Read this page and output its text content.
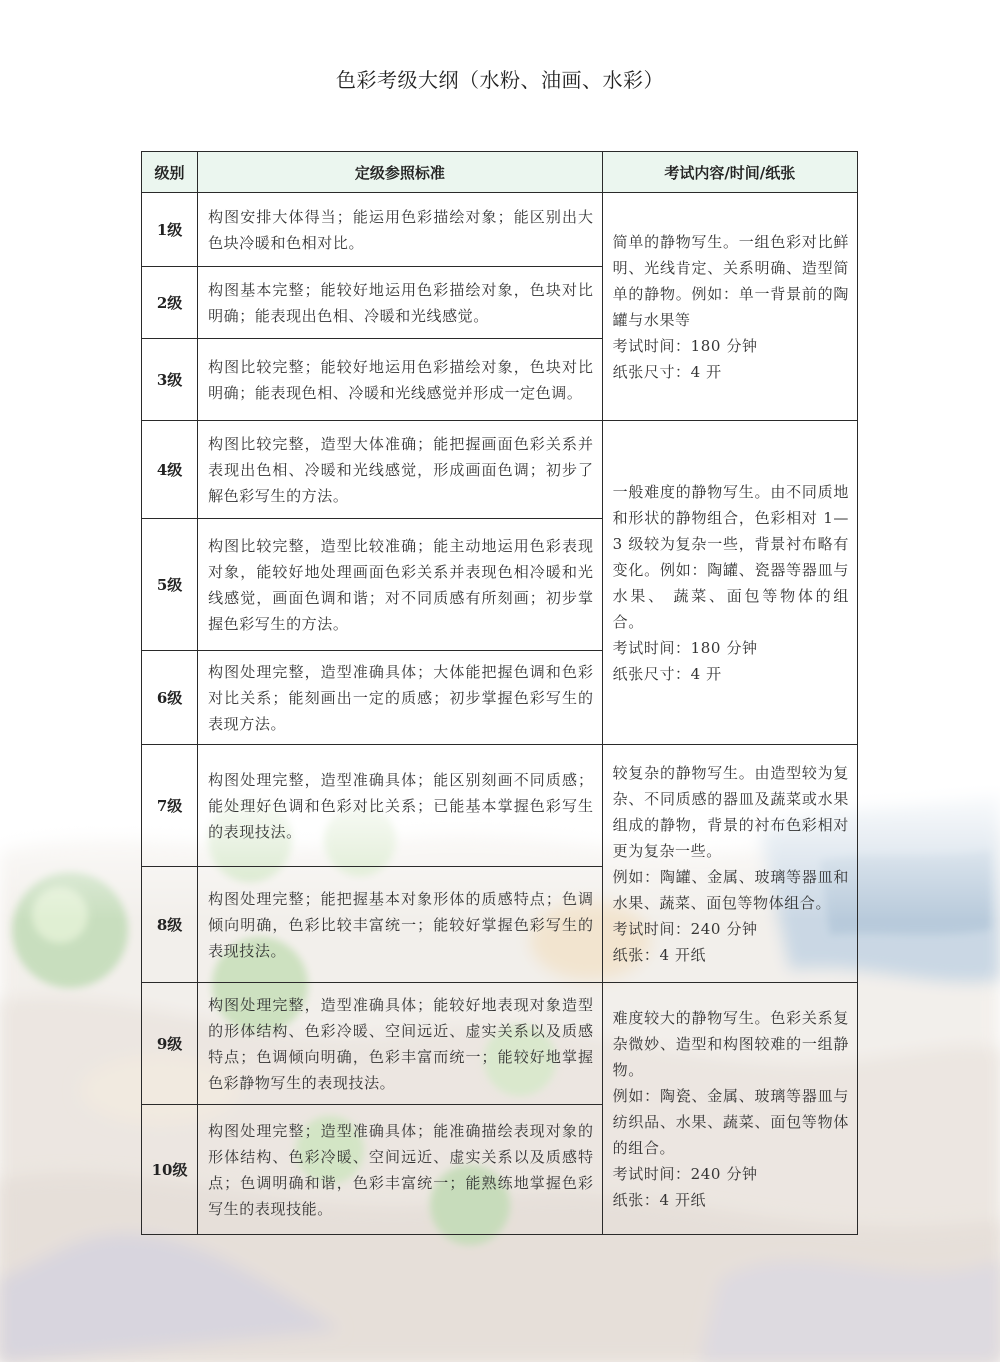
色彩考级大纲（水粉、油画、水彩）
级别	定级参照标准	考试内容/时间/纸张
1级	构图安排大体得当；能运用色彩描绘对象；能区别出大色块冷暖和色相对比。	简单的静物写生。一组色彩对比鲜明、光线肯定、关系明确、造型简单的静物。例如：单一背景前的陶罐与水果等

考试时间：180 分钟

纸张尺寸：4 开

2级	构图基本完整；能较好地运用色彩描绘对象，色块对比明确；能表现出色相、冷暖和光线感觉。	
3级	构图比较完整；能较好地运用色彩描绘对象，色块对比明确；能表现色相、冷暖和光线感觉并形成一定色调。	
4级	构图比较完整，造型大体准确；能把握画面色彩关系并表现出色相、冷暖和光线感觉，形成画面色调；初步了解色彩写生的方法。	一般难度的静物写生。由不同质地和形状的静物组合，色彩相对 1—3 级较为复杂一些，背景衬布略有变化。例如：陶罐、瓷器等器皿与水果、 蔬菜、面包等物体的组合。

考试时间：180 分钟

纸张尺寸：4 开

5级	构图比较完整，造型比较准确；能主动地运用色彩表现对象，能较好地处理画面色彩关系并表现色相冷暖和光线感觉，画面色调和谐；对不同质感有所刻画；初步掌握色彩写生的方法。	
6级	构图处理完整，造型准确具体；大体能把握色调和色彩对比关系；能刻画出一定的质感；初步掌握色彩写生的表现方法。	
7级	构图处理完整，造型准确具体；能区别刻画不同质感；能处理好色调和色彩对比关系；已能基本掌握色彩写生的表现技法。	较复杂的静物写生。由造型较为复杂、不同质感的器皿及蔬菜或水果组成的静物，背景的衬布色彩相对更为复杂一些。

例如：陶罐、金属、玻璃等器皿和水果、蔬菜、面包等物体组合。

考试时间：240 分钟

纸张：4 开纸

8级	构图处理完整；能把握基本对象形体的质感特点；色调倾向明确，色彩比较丰富统一；能较好掌握色彩写生的表现技法。	
9级	构图处理完整，造型准确具体；能较好地表现对象造型的形体结构、色彩冷暖、空间远近、虚实关系以及质感特点；色调倾向明确，色彩丰富而统一；能较好地掌握色彩静物写生的表现技法。	难度较大的静物写生。色彩关系复杂微妙、造型和构图较难的一组静物。

例如：陶瓷、金属、玻璃等器皿与纺织品、水果、蔬菜、面包等物体的组合。

考试时间：240 分钟

纸张：4 开纸

10级	构图处理完整；造型准确具体；能准确描绘表现对象的形体结构、色彩冷暖、空间远近、虚实关系以及质感特点；色调明确和谐，色彩丰富统一；能熟练地掌握色彩写生的表现技能。	
